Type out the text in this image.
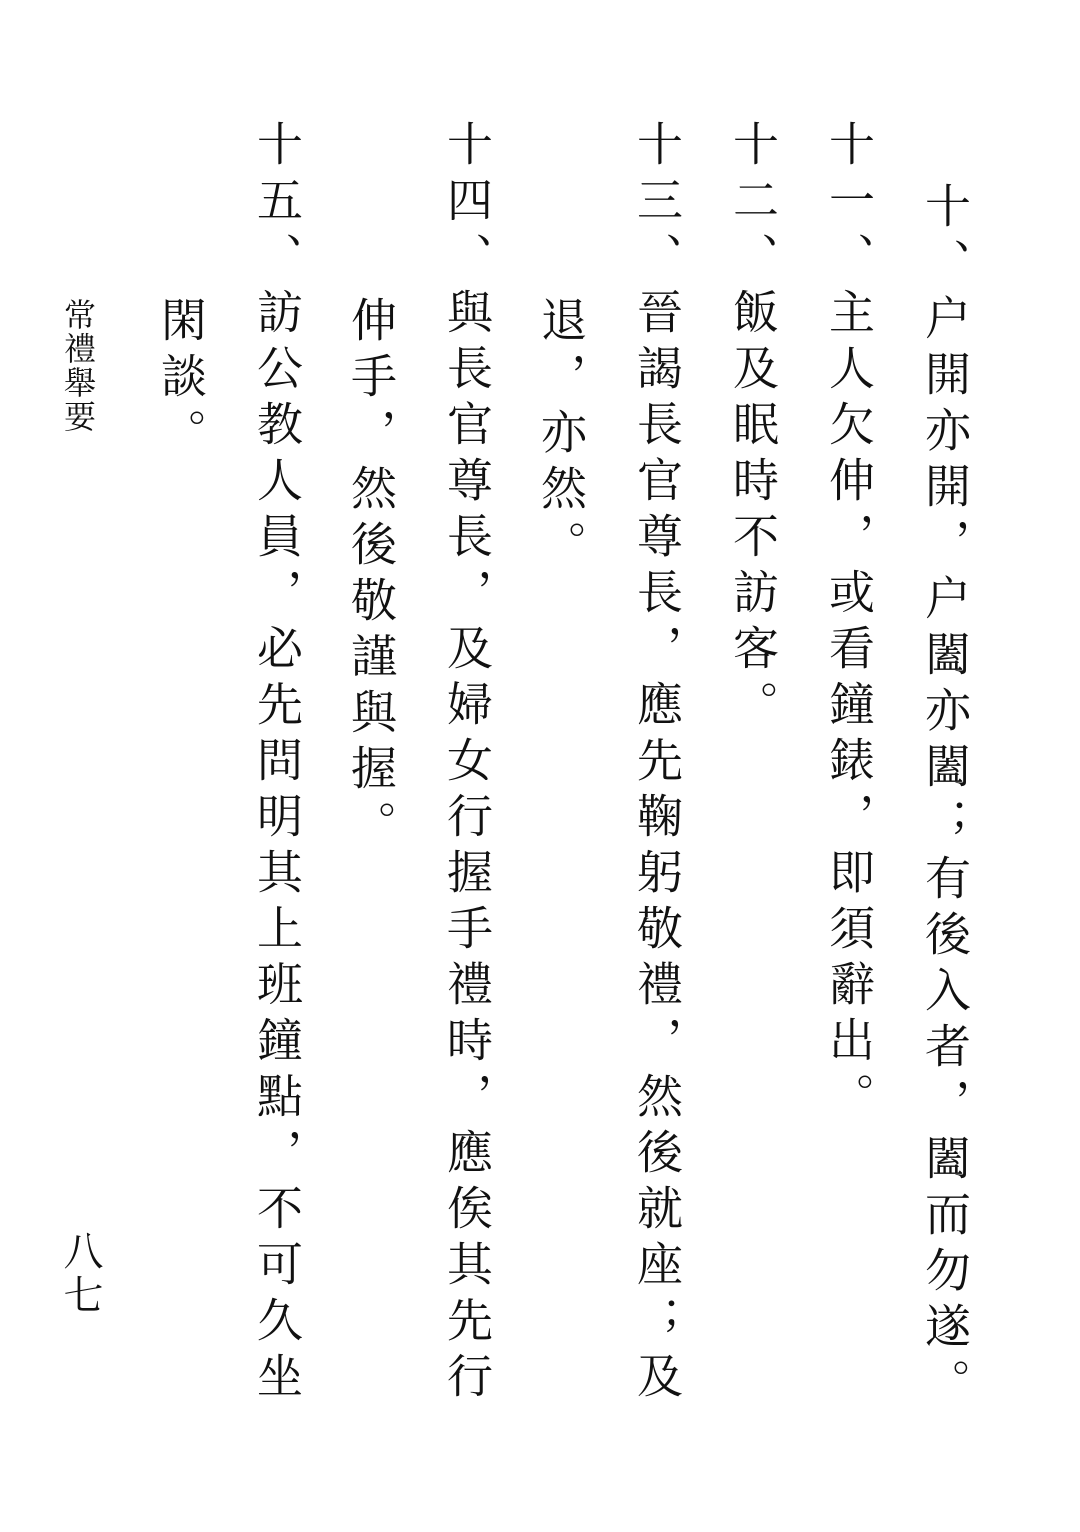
十、户開亦開，户闔亦闔；有後入者，闔而勿遂。
十一、主人欠伸，或看鐘錶，即須辭出。
十二、飯及眠時不訪客。
十三、晉謁長官尊長，應先鞠躬敬禮，然後就座；及
退，亦然。
十四、與長官尊長，及婦女行握手禮時，應俟其先行
伸手，然後敬謹與握。
十五、訪公教人員，必先問明其上班鐘點，不可久坐
閑談。
常禮舉要
八七
